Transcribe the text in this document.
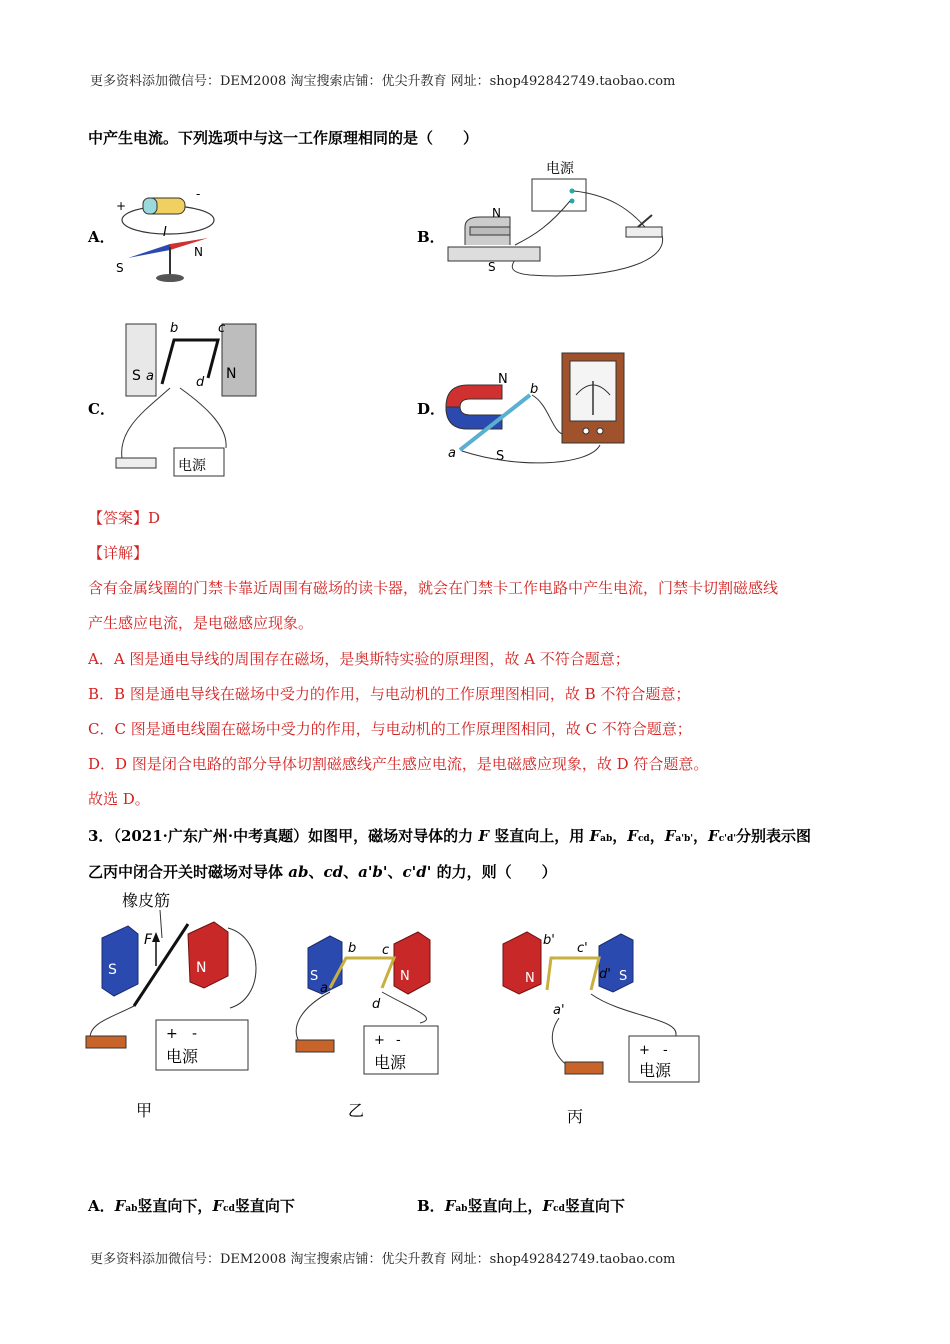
更多资料添加微信号：DEM2008 淘宝搜索店铺：优尖升教育 网址：shop492842749.taobao.com
中产生电流。下列选项中与这一工作原理相同的是（　　）
A．
+
-
I
S
N
B．
电源
N
S
C．
S	N
b	c
a	d
电源
D．
N
b
a	S
【答案】D
【详解】
含有金属线圈的门禁卡靠近周围有磁场的读卡器，就会在门禁卡工作电路中产生电流，门禁卡切割磁感线
产生感应电流，是电磁感应现象。
A．A 图是通电导线的周围存在磁场，是奥斯特实验的原理图，故 A 不符合题意；
B．B 图是通电导线在磁场中受力的作用，与电动机的工作原理图相同，故 B 不符合题意；
C．C 图是通电线圈在磁场中受力的作用，与电动机的工作原理图相同，故 C 不符合题意；
D．D 图是闭合电路的部分导体切割磁感线产生感应电流，是电磁感应现象，故 D 符合题意。
故选 D。
3．（2021·广东广州·中考真题）如图甲，磁场对导体的力 F 竖直向上，用 Fab，Fcd，Fa'b'，Fc'd'分别表示图
乙丙中闭合开关时磁场对导体 ab、cd、a'b'、c'd' 的力，则（　　）
橡皮筋
S	N
F
+ -
电源
甲
S	N
b c
a
d
+ -
电源
乙
N	S
b'
c'
a'
d'
+ -
电源
丙
A．Fab竖直向下，Fcd竖直向下	B．Fab竖直向上，Fcd竖直向下
更多资料添加微信号：DEM2008 淘宝搜索店铺：优尖升教育 网址：shop492842749.taobao.com
